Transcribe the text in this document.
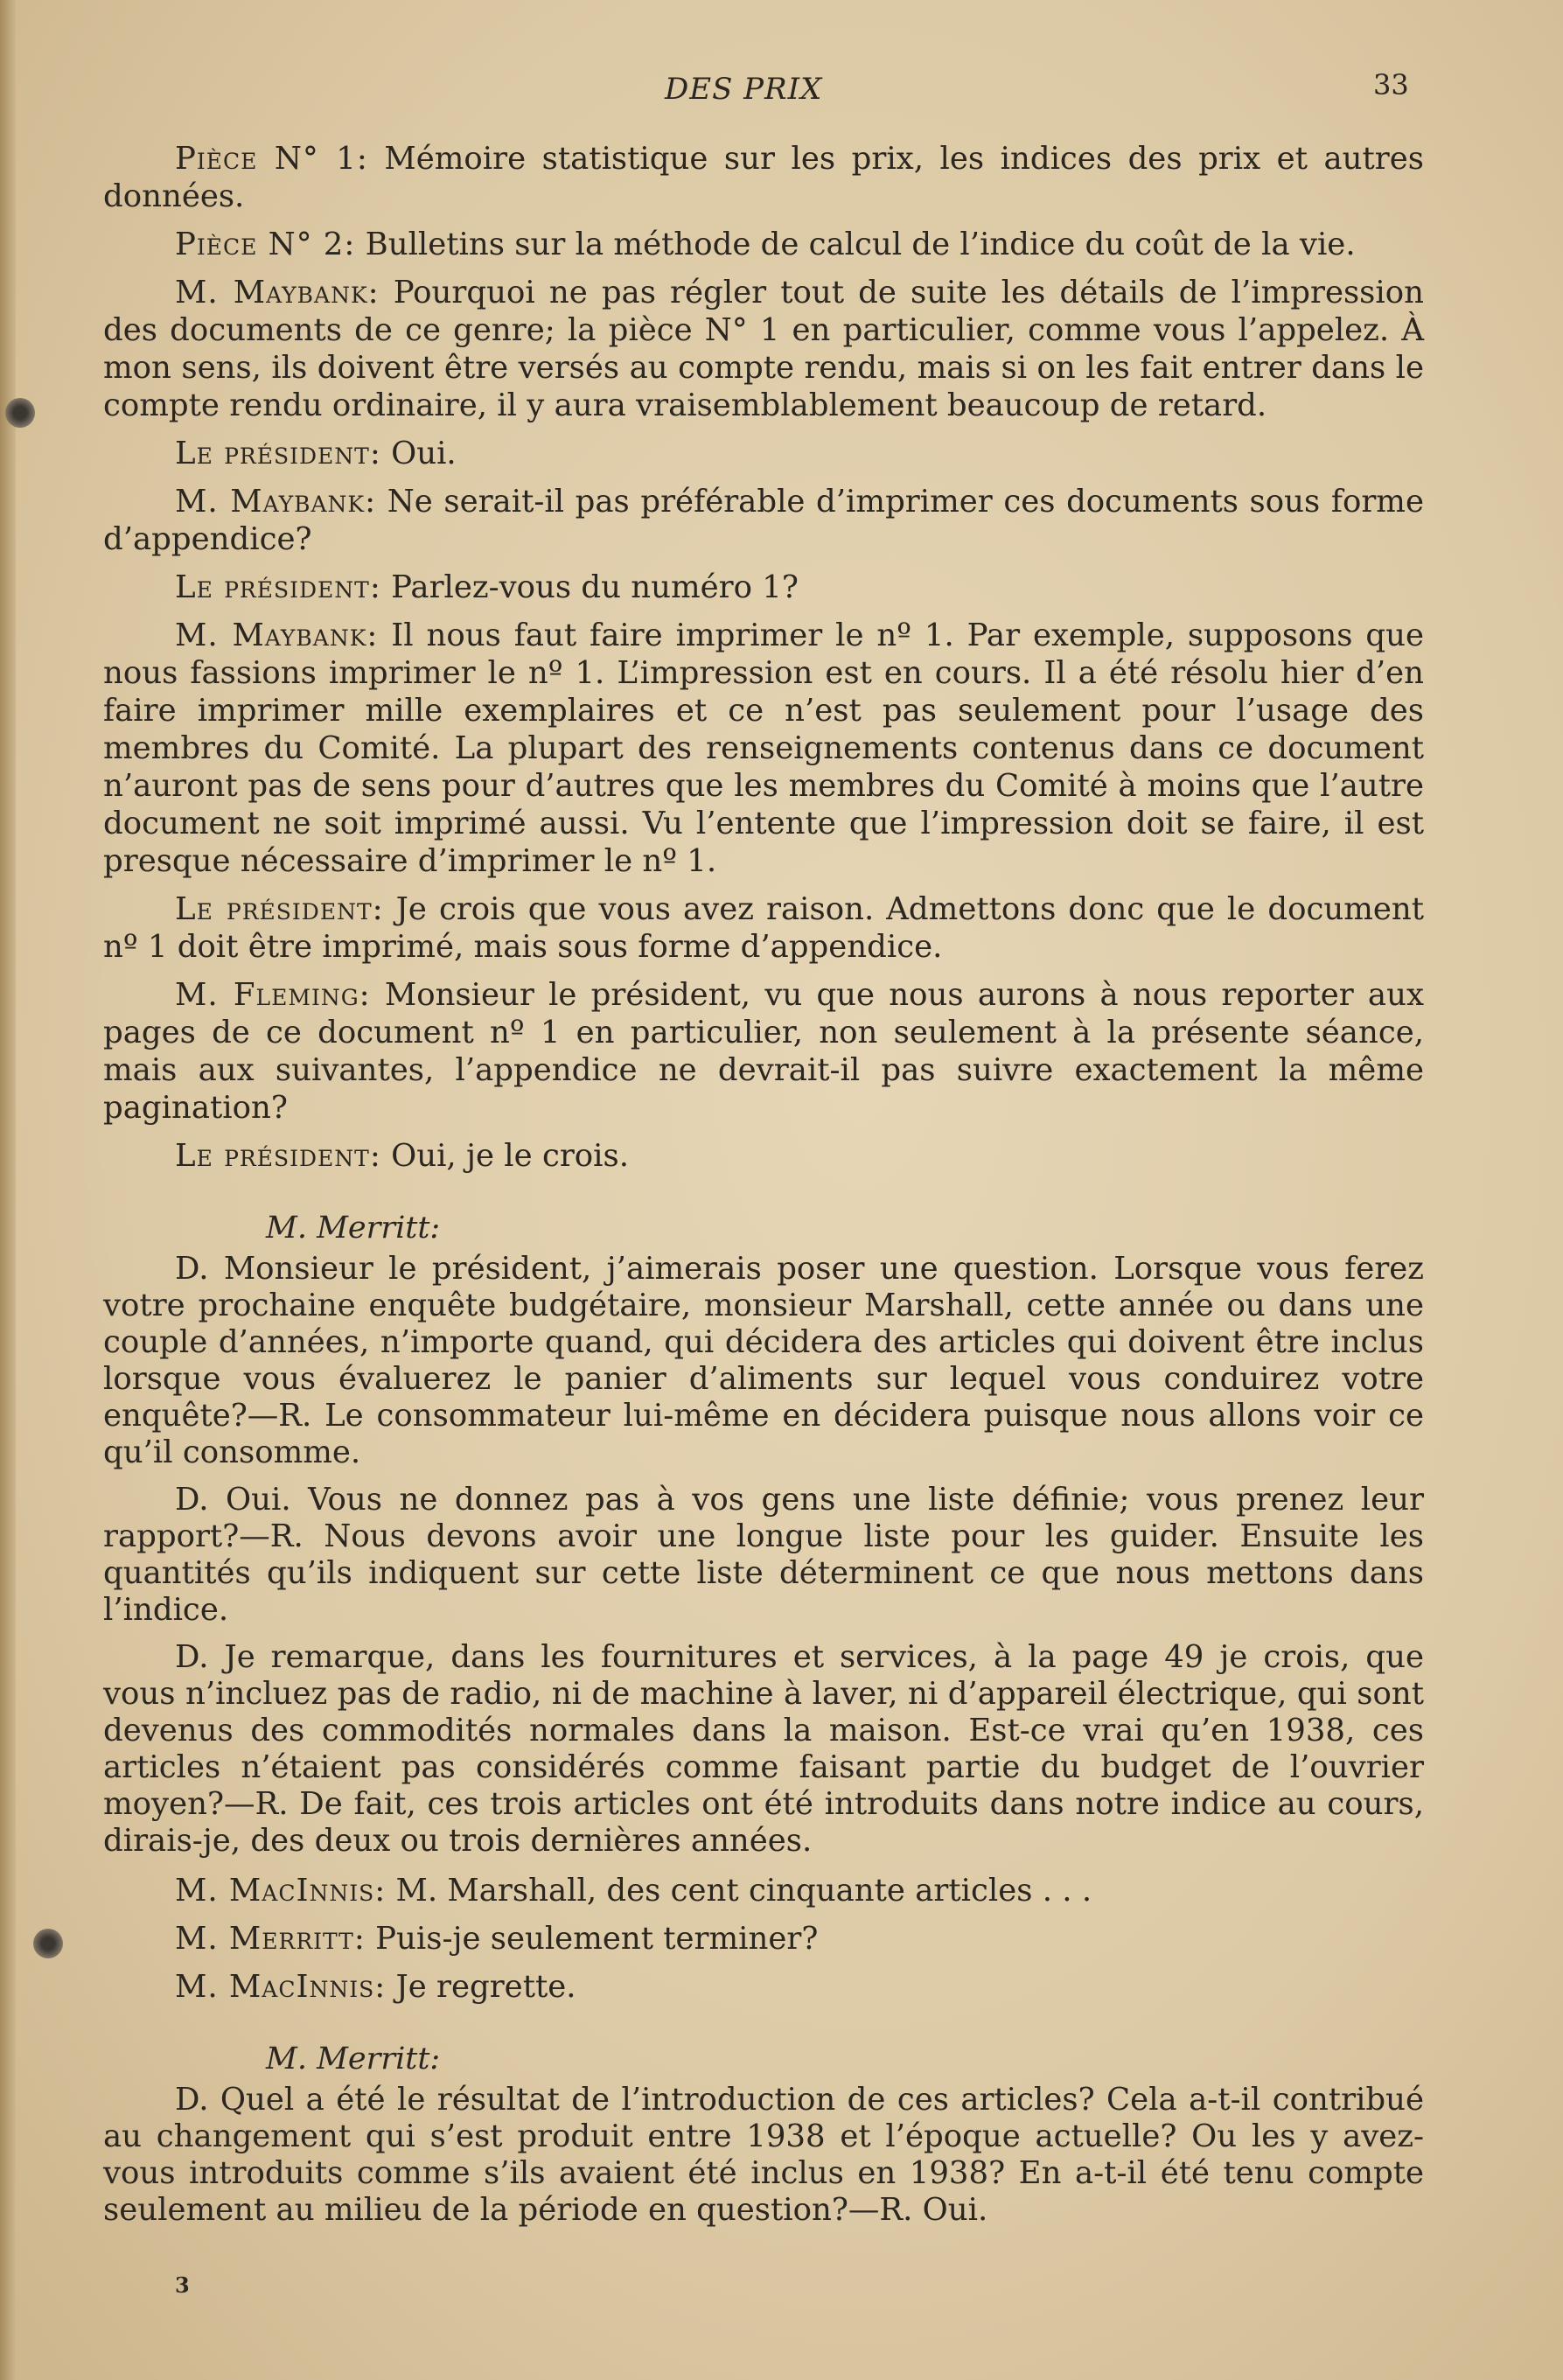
DES PRIX	33

Pièce N° 1: Mémoire statistique sur les prix, les indices des prix et autres données.

Pièce N° 2: Bulletins sur la méthode de calcul de l’indice du coût de la vie.

M. Maybank: Pourquoi ne pas régler tout de suite les détails de l’impression des documents de ce genre; la pièce N° 1 en particulier, comme vous l’appelez. À mon sens, ils doivent être versés au compte rendu, mais si on les fait entrer dans le compte rendu ordinaire, il y aura vraisemblablement beaucoup de retard.

Le président: Oui.

M. Maybank: Ne serait-il pas préférable d’imprimer ces documents sous forme d’appendice?

Le président: Parlez-vous du numéro 1?

M. Maybank: Il nous faut faire imprimer le nº 1. Par exemple, supposons que nous fassions imprimer le nº 1. L’impression est en cours. Il a été résolu hier d’en faire imprimer mille exemplaires et ce n’est pas seulement pour l’usage des membres du Comité. La plupart des renseignements contenus dans ce document n’auront pas de sens pour d’autres que les membres du Comité à moins que l’autre document ne soit imprimé aussi. Vu l’entente que l’impression doit se faire, il est presque nécessaire d’imprimer le nº 1.

Le président: Je crois que vous avez raison. Admettons donc que le document nº 1 doit être imprimé, mais sous forme d’appendice.

M. Fleming: Monsieur le président, vu que nous aurons à nous reporter aux pages de ce document nº 1 en particulier, non seulement à la présente séance, mais aux suivantes, l’appendice ne devrait-il pas suivre exactement la même pagination?

Le président: Oui, je le crois.

M. Merritt:

D. Monsieur le président, j’aimerais poser une question. Lorsque vous ferez votre prochaine enquête budgétaire, monsieur Marshall, cette année ou dans une couple d’années, n’importe quand, qui décidera des articles qui doivent être inclus lorsque vous évaluerez le panier d’aliments sur lequel vous conduirez votre enquête?—R. Le consommateur lui-même en décidera puisque nous allons voir ce qu’il consomme.

D. Oui. Vous ne donnez pas à vos gens une liste définie; vous prenez leur rapport?—R. Nous devons avoir une longue liste pour les guider. Ensuite les quantités qu’ils indiquent sur cette liste déterminent ce que nous mettons dans l’indice.

D. Je remarque, dans les fournitures et services, à la page 49 je crois, que vous n’incluez pas de radio, ni de machine à laver, ni d’appareil électrique, qui sont devenus des commodités normales dans la maison. Est-ce vrai qu’en 1938, ces articles n’étaient pas considérés comme faisant partie du budget de l’ouvrier moyen?—R. De fait, ces trois articles ont été introduits dans notre indice au cours, dirais-je, des deux ou trois dernières années.

M. MacInnis: M. Marshall, des cent cinquante articles . . .

M. Merritt: Puis-je seulement terminer?

M. MacInnis: Je regrette.

M. Merritt:

D. Quel a été le résultat de l’introduction de ces articles? Cela a-t-il contribué au changement qui s’est produit entre 1938 et l’époque actuelle? Ou les y avez-vous introduits comme s’ils avaient été inclus en 1938? En a-t-il été tenu compte seulement au milieu de la période en question?—R. Oui.

3
